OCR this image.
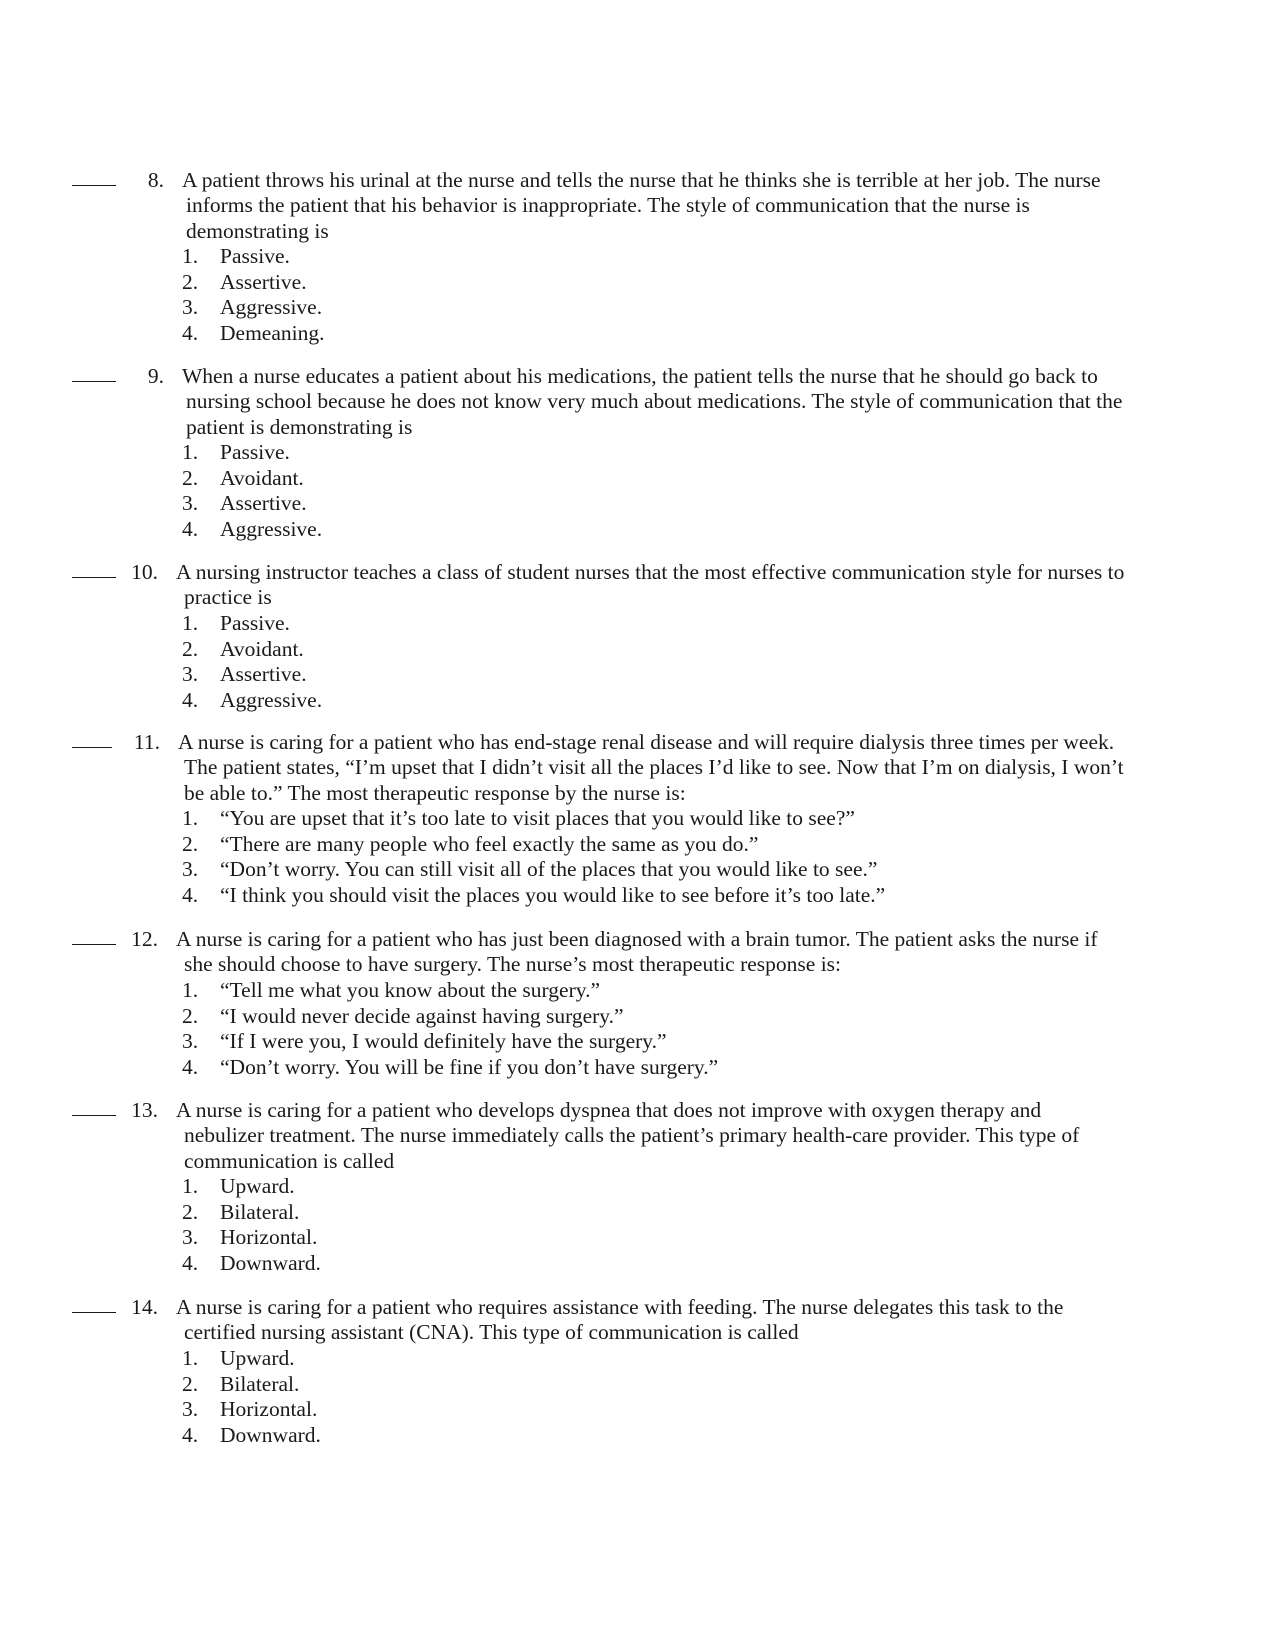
8. A patient throws his urinal at the nurse and tells the nurse that he thinks she is terrible at her job. The nurse
informs the patient that his behavior is inappropriate. The style of communication that the nurse is
demonstrating is
1. Passive.
2. Assertive.
3. Aggressive.
4. Demeaning.
9. When a nurse educates a patient about his medications, the patient tells the nurse that he should go back to
nursing school because he does not know very much about medications. The style of communication that the
patient is demonstrating is
1. Passive.
2. Avoidant.
3. Assertive.
4. Aggressive.
10. A nursing instructor teaches a class of student nurses that the most effective communication style for nurses to
practice is
1. Passive.
2. Avoidant.
3. Assertive.
4. Aggressive.
11. A nurse is caring for a patient who has end-stage renal disease and will require dialysis three times per week.
The patient states, “I’m upset that I didn’t visit all the places I’d like to see. Now that I’m on dialysis, I won’t
be able to.” The most therapeutic response by the nurse is:
1. “You are upset that it’s too late to visit places that you would like to see?”
2. “There are many people who feel exactly the same as you do.”
3. “Don’t worry. You can still visit all of the places that you would like to see.”
4. “I think you should visit the places you would like to see before it’s too late.”
12. A nurse is caring for a patient who has just been diagnosed with a brain tumor. The patient asks the nurse if
she should choose to have surgery. The nurse’s most therapeutic response is:
1. “Tell me what you know about the surgery.”
2. “I would never decide against having surgery.”
3. “If I were you, I would definitely have the surgery.”
4. “Don’t worry. You will be fine if you don’t have surgery.”
13. A nurse is caring for a patient who develops dyspnea that does not improve with oxygen therapy and
nebulizer treatment. The nurse immediately calls the patient’s primary health-care provider. This type of
communication is called
1. Upward.
2. Bilateral.
3. Horizontal.
4. Downward.
14. A nurse is caring for a patient who requires assistance with feeding. The nurse delegates this task to the
certified nursing assistant (CNA). This type of communication is called
1. Upward.
2. Bilateral.
3. Horizontal.
4. Downward.
